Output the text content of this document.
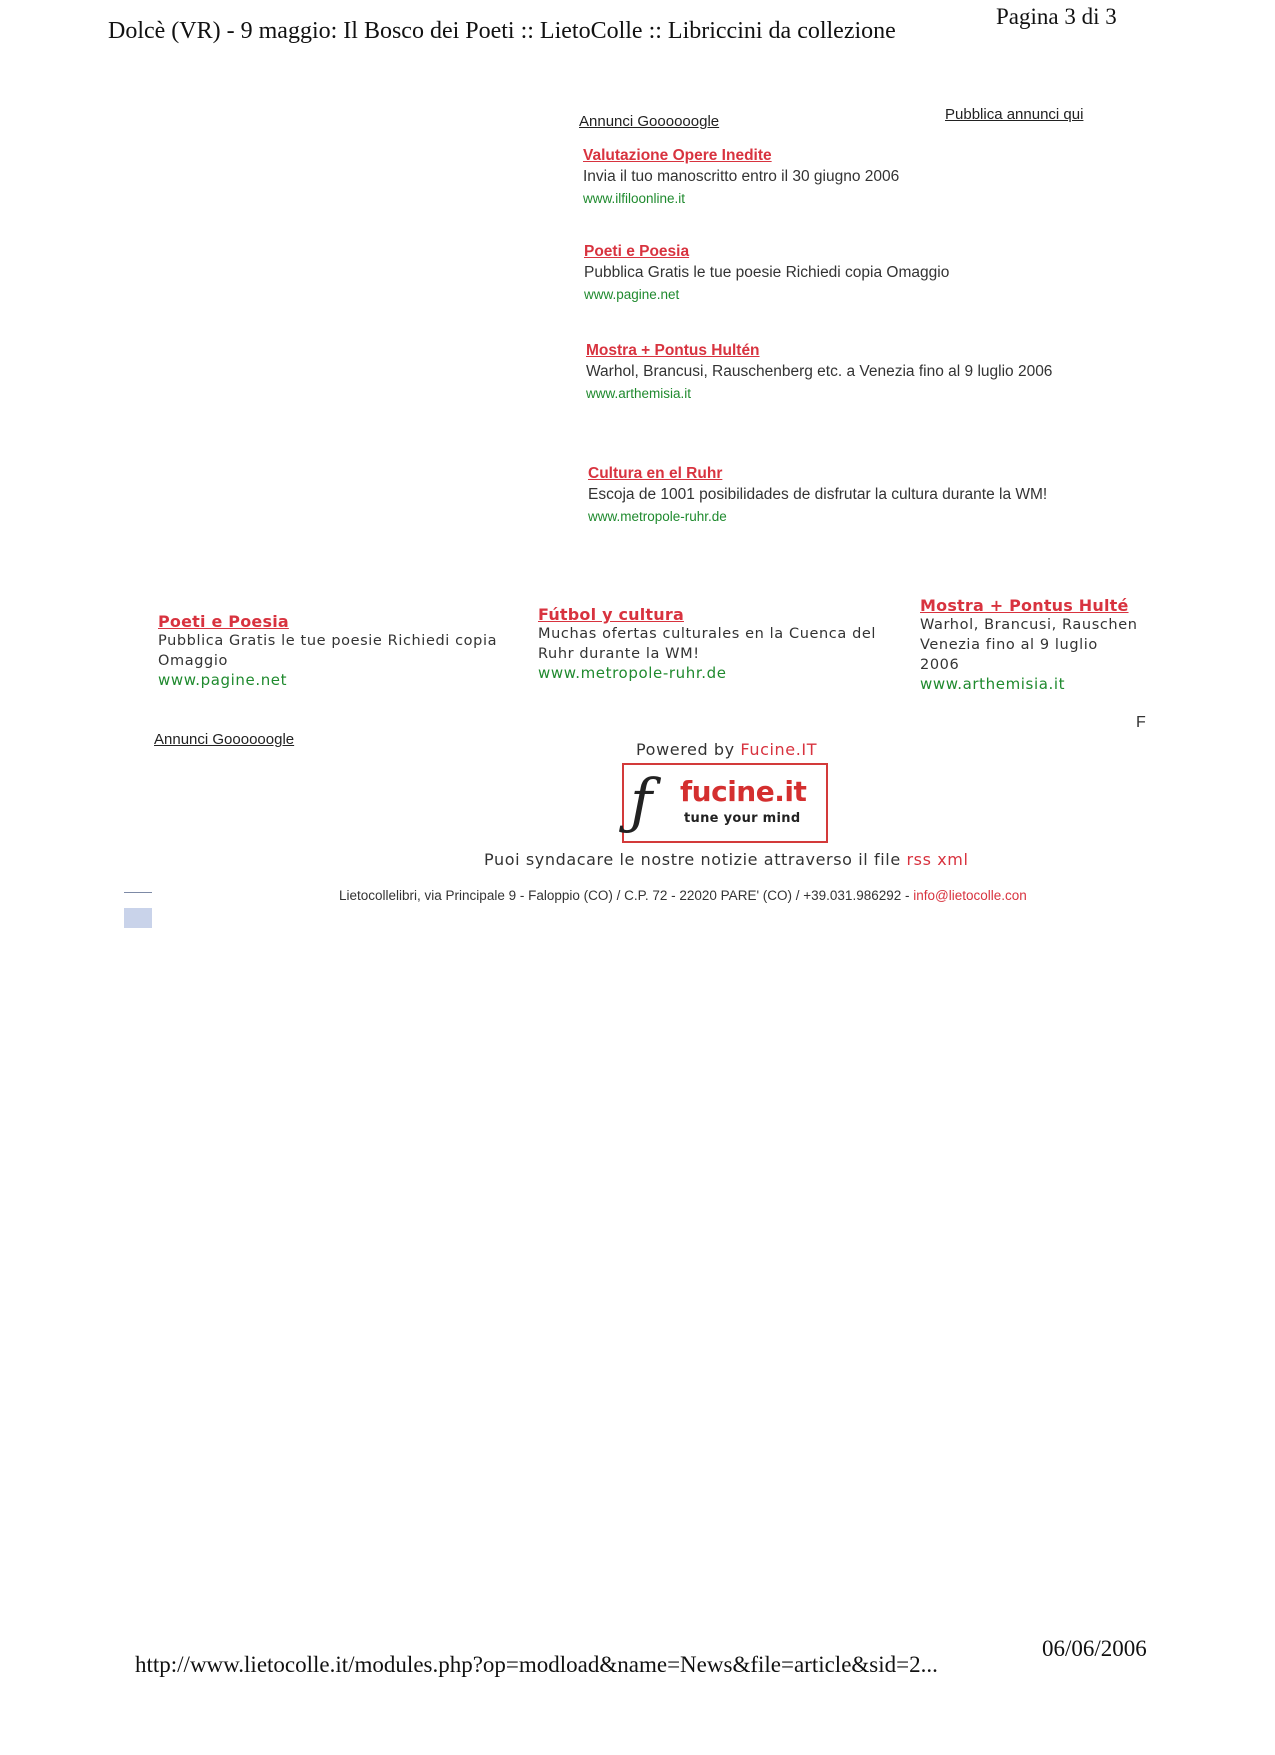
Dolcè (VR) - 9 maggio: Il Bosco dei Poeti :: LietoColle :: Libriccini da collezione
Pagina 3 di 3
Annunci Goooooogle	Pubblica annunci qui
Valutazione Opere Inedite
Invia il tuo manoscritto entro il 30 giugno 2006
www.ilfiloonline.it
Poeti e Poesia
Pubblica Gratis le tue poesie Richiedi copia Omaggio
www.pagine.net
Mostra + Pontus Hultén
Warhol, Brancusi, Rauschenberg etc. a Venezia fino al 9 luglio 2006
www.arthemisia.it
Cultura en el Ruhr
Escoja de 1001 posibilidades de disfrutar la cultura durante la WM!
www.metropole-ruhr.de
Poeti e Poesia
Pubblica Gratis le tue poesie Richiedi copia Omaggio
www.pagine.net
Fútbol y cultura
Muchas ofertas culturales en la Cuenca del Ruhr durante la WM!
www.metropole-ruhr.de
Mostra + Pontus Hulté
Warhol, Brancusi, Rauschen Venezia fino al 9 luglio 2006
www.arthemisia.it
F
Annunci Goooooogle
Powered by Fucine.IT
ƒ fucine.it
tune your mind
Puoi syndacare le nostre notizie attraverso il file rss xml
Lietocollelibri, via Principale 9 - Faloppio (CO) / C.P. 72 - 22020 PARE' (CO) / +39.031.986292 - info@lietocolle.con
http://www.lietocolle.it/modules.php?op=modload&name=News&file=article&sid=2...
06/06/2006
